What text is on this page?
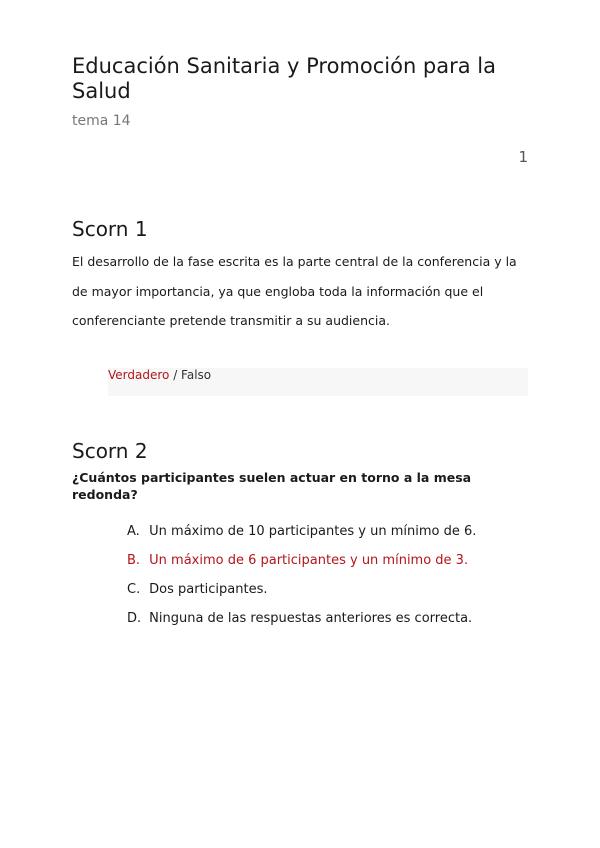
Educación Sanitaria y Promoción para la Salud
tema 14
1
Scorn 1

El desarrollo de la fase escrita es la parte central de la conferencia y la de mayor importancia, ya que engloba toda la información que el conferenciante pretende transmitir a su audiencia.

Verdadero / Falso
Scorn 2

¿Cuántos participantes suelen actuar en torno a la mesa redonda?

A. Un máximo de 10 participantes y un mínimo de 6.
B. Un máximo de 6 participantes y un mínimo de 3.
C. Dos participantes.
D. Ninguna de las respuestas anteriores es correcta.
